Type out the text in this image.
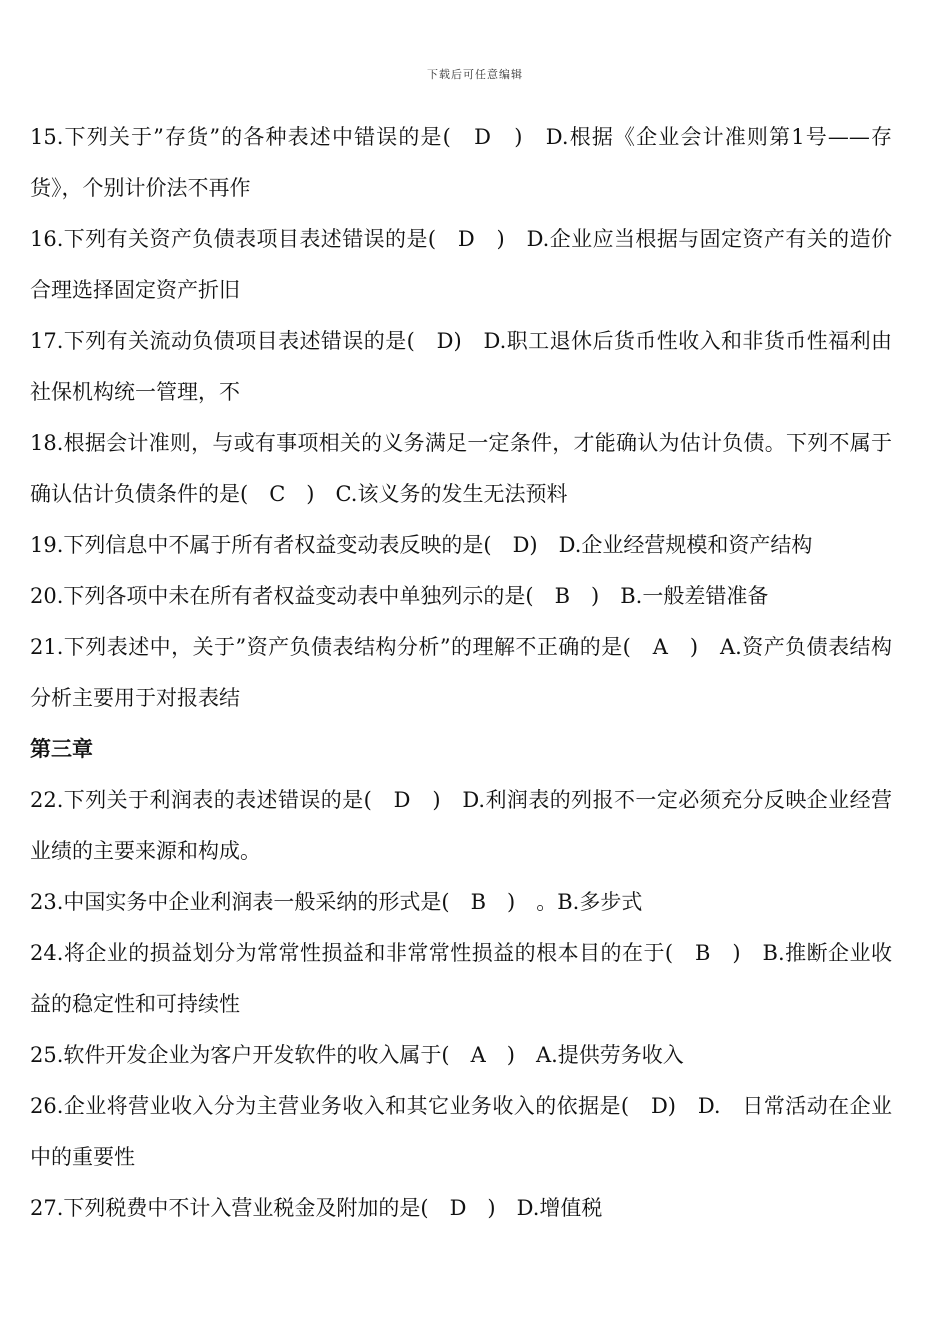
下载后可任意编辑

15.下列关于”存货”的各种表述中错误的是(　D　)　D.根据《企业会计准则第1号——存货》，个别计价法不再作

16.下列有关资产负债表项目表述错误的是(　D　)　D.企业应当根据与固定资产有关的造价合理选择固定资产折旧

17.下列有关流动负债项目表述错误的是(　D)　D.职工退休后货币性收入和非货币性福利由社保机构统一管理，不

18.根据会计准则，与或有事项相关的义务满足一定条件，才能确认为估计负债。下列不属于确认估计负债条件的是(　C　)　C.该义务的发生无法预料

19.下列信息中不属于所有者权益变动表反映的是(　D)　D.企业经营规模和资产结构

20.下列各项中未在所有者权益变动表中单独列示的是(　B　)　B.一般差错准备

21.下列表述中，关于”资产负债表结构分析”的理解不正确的是(　A　)　A.资产负债表结构分析主要用于对报表结

第三章

22.下列关于利润表的表述错误的是(　D　)　D.利润表的列报不一定必须充分反映企业经营业绩的主要来源和构成。

23.中国实务中企业利润表一般采纳的形式是(　B　)　。B.多步式

24.将企业的损益划分为常常性损益和非常常性损益的根本目的在于(　B　)　B.推断企业收益的稳定性和可持续性

25.软件开发企业为客户开发软件的收入属于(　A　)　A.提供劳务收入

26.企业将营业收入分为主营业务收入和其它业务收入的依据是(　D)　D.　日常活动在企业中的重要性

27.下列税费中不计入营业税金及附加的是(　D　)　D.增值税
